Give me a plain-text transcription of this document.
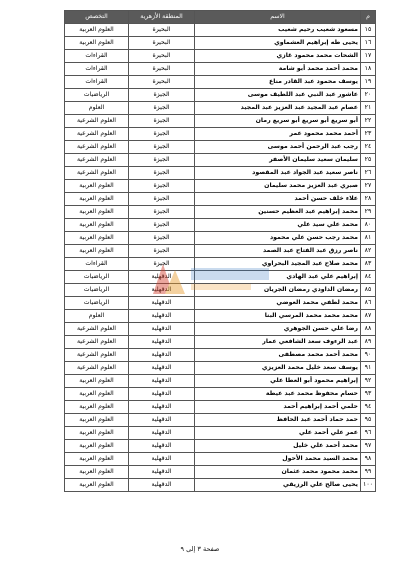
م	الاسم	المنطقة الأزهرية	التخصص
١٥	مسعود شعيب رحيم شعيب	البحيرة	العلوم العربية
١٦	يحيى طه إبراهيم العشماوي	البحيرة	العلوم العربية
١٧	الشحات محمد محمود غازي	البحيرة	القراءات
١٨	محمد أحمد محمد أبو شامة	البحيرة	القراءات
١٩	يوسف محمود عبد القادر مناع	البحيرة	القراءات
٢٠	عاشور عبد النبي عبد اللطيف موسى	الجيزة	الرياضيات
٢١	عصام عبد المجيد عبد العزيز عبد المجيد	الجيزة	العلوم
٢٢	أبو سريع أبو سريع أبو سريع رمان	الجيزة	العلوم الشرعية
٢٣	أحمد محمد محمود عمر	الجيزة	العلوم الشرعية
٢٤	رجب عبد الرحمن أحمد موسى	الجيزة	العلوم الشرعية
٢٥	سليمان سعيد سليمان الأصفر	الجيزة	العلوم الشرعية
٢٦	ناصر سعيد عبد الجواد عبد المقصود	الجيزة	العلوم الشرعية
٢٧	صبري عبد العزيز محمد سليمان	الجيزة	العلوم العربية
٢٨	علاء خلف حسن أحمد	الجيزة	العلوم العربية
٢٩	محمد إبراهيم عبد العظيم حسنين	الجيزة	العلوم العربية
٨٠	محمد علي سيد علي	الجيزة	العلوم العربية
٨١	محمد رجب حسن علي محمود	الجيزة	العلوم العربية
٨٢	ناصر رزق عبد الفتاح عبد الصمد	الجيزة	العلوم العربية
٨٣	محمد صلاح عبد المجيد البحراوي	الجيزة	القراءات
٨٤	إبراهيم علي عبد الهادي	الدقهلية	الرياضيات
٨٥	رمضان الداودي رمضان الجريان	الدقهلية	الرياضيات
٨٦	محمد لطفي محمد العوضي	الدقهلية	الرياضيات
٨٧	محمد محمد محمد المرسي البنا	الدقهلية	العلوم
٨٨	رضا علي حسن الجوهري	الدقهلية	العلوم الشرعية
٨٩	عبد الرءوف سعد الشافعي عمار	الدقهلية	العلوم الشرعية
٩٠	محمد أحمد محمد مصطفى	الدقهلية	العلوم الشرعية
٩١	يوسف سعد خليل محمد العزيزي	الدقهلية	العلوم الشرعية
٩٢	إبراهيم محمود أبو العطا علي	الدقهلية	العلوم العربية
٩٣	حسام محفوظ محمد عبد عيطة	الدقهلية	العلوم العربية
٩٤	حلمي أحمد إبراهيم أحمد	الدقهلية	العلوم العربية
٩٥	حمد حماد أحمد عبد الحافظ	الدقهلية	العلوم العربية
٩٦	عمر علي أحمد علي	الدقهلية	العلوم العربية
٩٧	محمد أحمد علي خليل	الدقهلية	العلوم العربية
٩٨	محمد السيد محمد الأحول	الدقهلية	العلوم العربية
٩٩	محمد محمود محمد عثمان	الدقهلية	العلوم العربية
١٠٠	يحيى صالح علي الرزيقي	الدقهلية	العلوم العربية
صفحة ٣ إلى ٩
